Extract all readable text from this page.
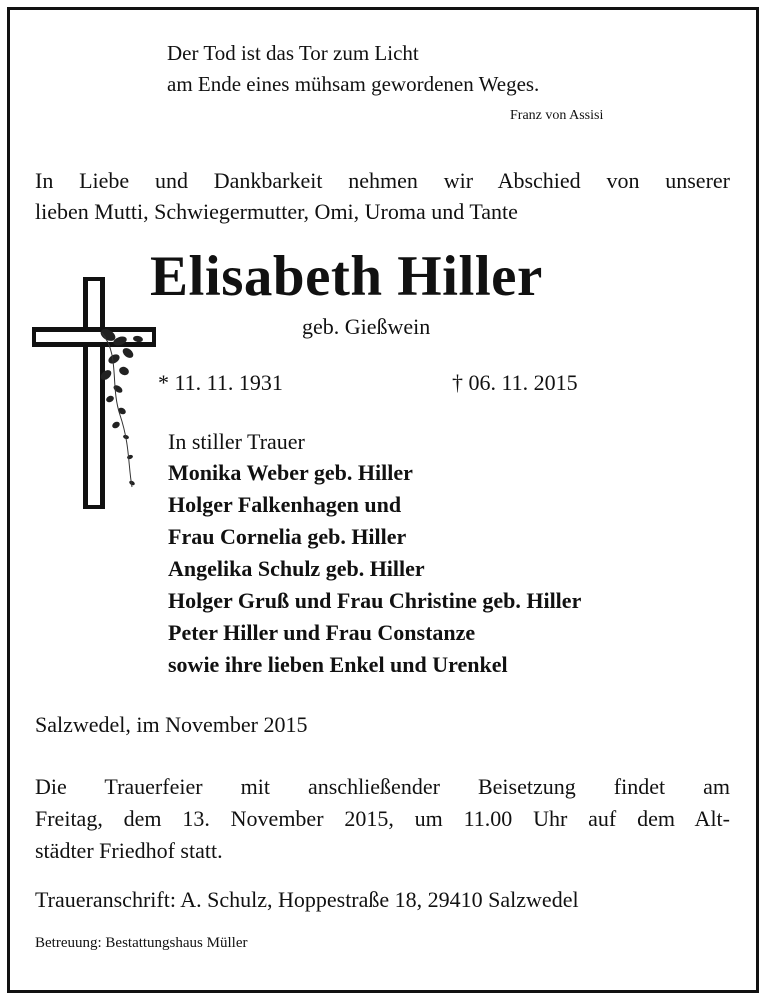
Der Tod ist das Tor zum Licht
am Ende eines mühsam gewordenen Weges.
Franz von Assisi
In Liebe und Dankbarkeit nehmen wir Abschied von unserer
lieben Mutti, Schwiegermutter, Omi, Uroma und Tante
Elisabeth Hiller
geb. Gießwein
* 11. 11. 1931	† 06. 11. 2015
In stiller Trauer
Monika Weber geb. Hiller
Holger Falkenhagen und
Frau Cornelia geb. Hiller
Angelika Schulz geb. Hiller
Holger Gruß und Frau Christine geb. Hiller
Peter Hiller und Frau Constanze
sowie ihre lieben Enkel und Urenkel
Salzwedel, im November 2015
Die Trauerfeier mit anschließender Beisetzung findet am
Freitag, dem 13. November 2015, um 11.00 Uhr auf dem Alt-
städter Friedhof statt.
Traueranschrift: A. Schulz, Hoppestraße 18, 29410 Salzwedel
Betreuung: Bestattungshaus Müller
